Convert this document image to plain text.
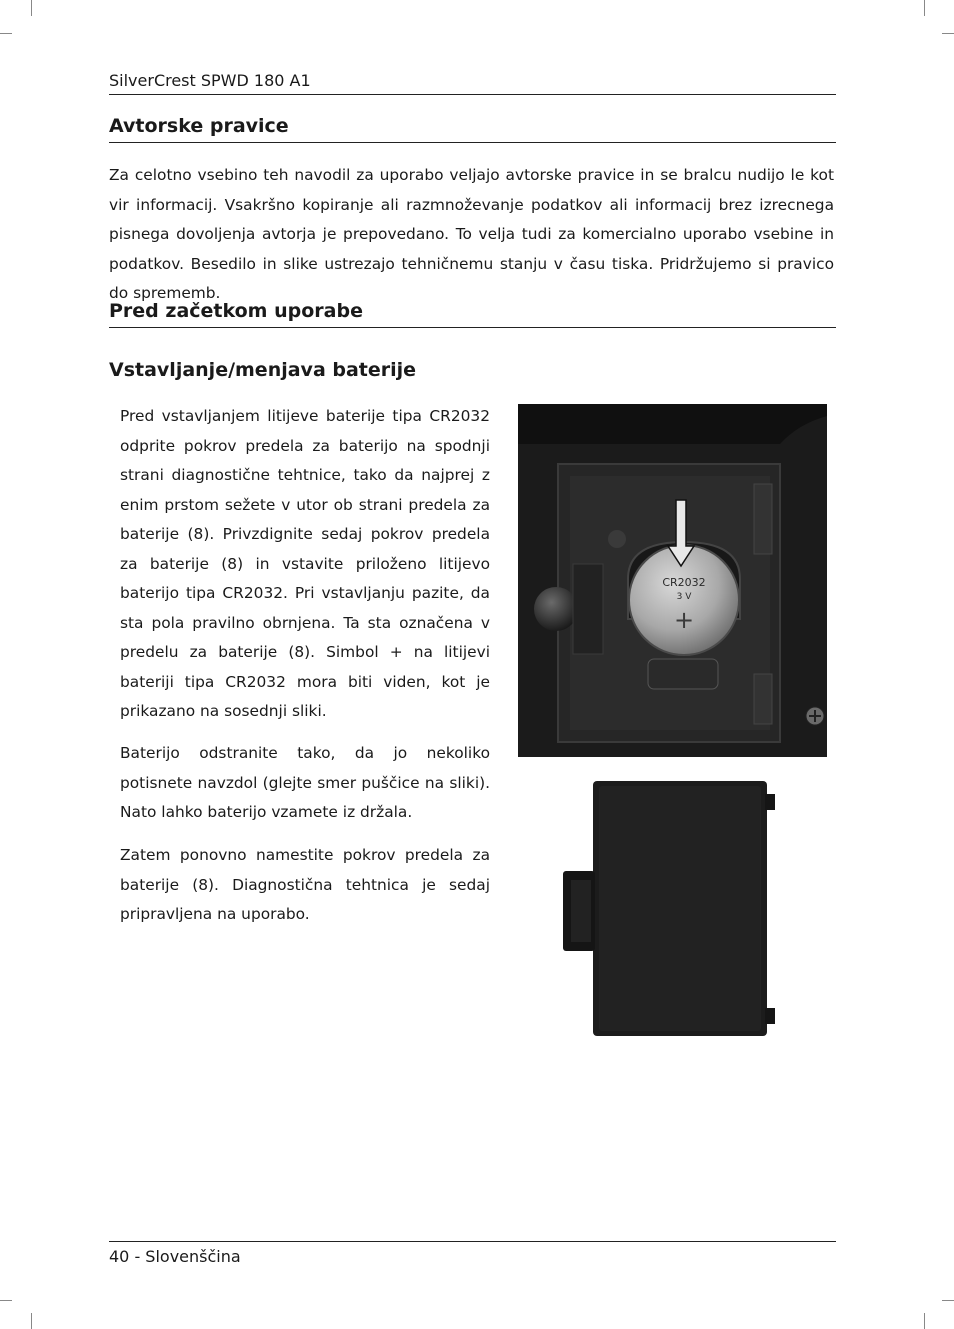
SilverCrest SPWD 180 A1
Avtorske pravice

Za celotno vsebino teh navodil za uporabo veljajo avtorske pravice in se bralcu nudijo le kot vir informacij. Vsakršno kopiranje ali razmnoževanje podatkov ali informacij brez izrecnega pisnega dovoljenja avtorja je prepovedano. To velja tudi za komercialno uporabo vsebine in podatkov. Besedilo in slike ustrezajo tehničnemu stanju v času tiska. Pridržujemo si pravico do sprememb.

Pred začetkom uporabe
Vstavljanje/menjava baterije

Pred vstavljanjem litijeve baterije tipa CR2032 odprite pokrov predela za baterijo na spodnji strani diagnostične tehtnice, tako da najprej z enim prstom sežete v utor ob strani predela za baterije (8). Privzdignite sedaj pokrov predela za baterije (8) in vstavite priloženo litijevo baterijo tipa CR2032. Pri vstavljanju pazite, da sta pola pravilno obrnjena. Ta sta označena v predelu za baterije (8). Simbol + na litijevi bateriji tipa CR2032 mora biti viden, kot je prikazano na sosednji sliki.

Baterijo odstranite tako, da jo nekoliko potisnete navzdol (glejte smer puščice na sliki). Nato lahko baterijo vzamete iz držala.

Zatem ponovno namestite pokrov predela za baterije (8). Diagnostična tehtnica je sedaj pripravljena na uporabo.

CR2032
3 V
+
40 - Slovenščina
